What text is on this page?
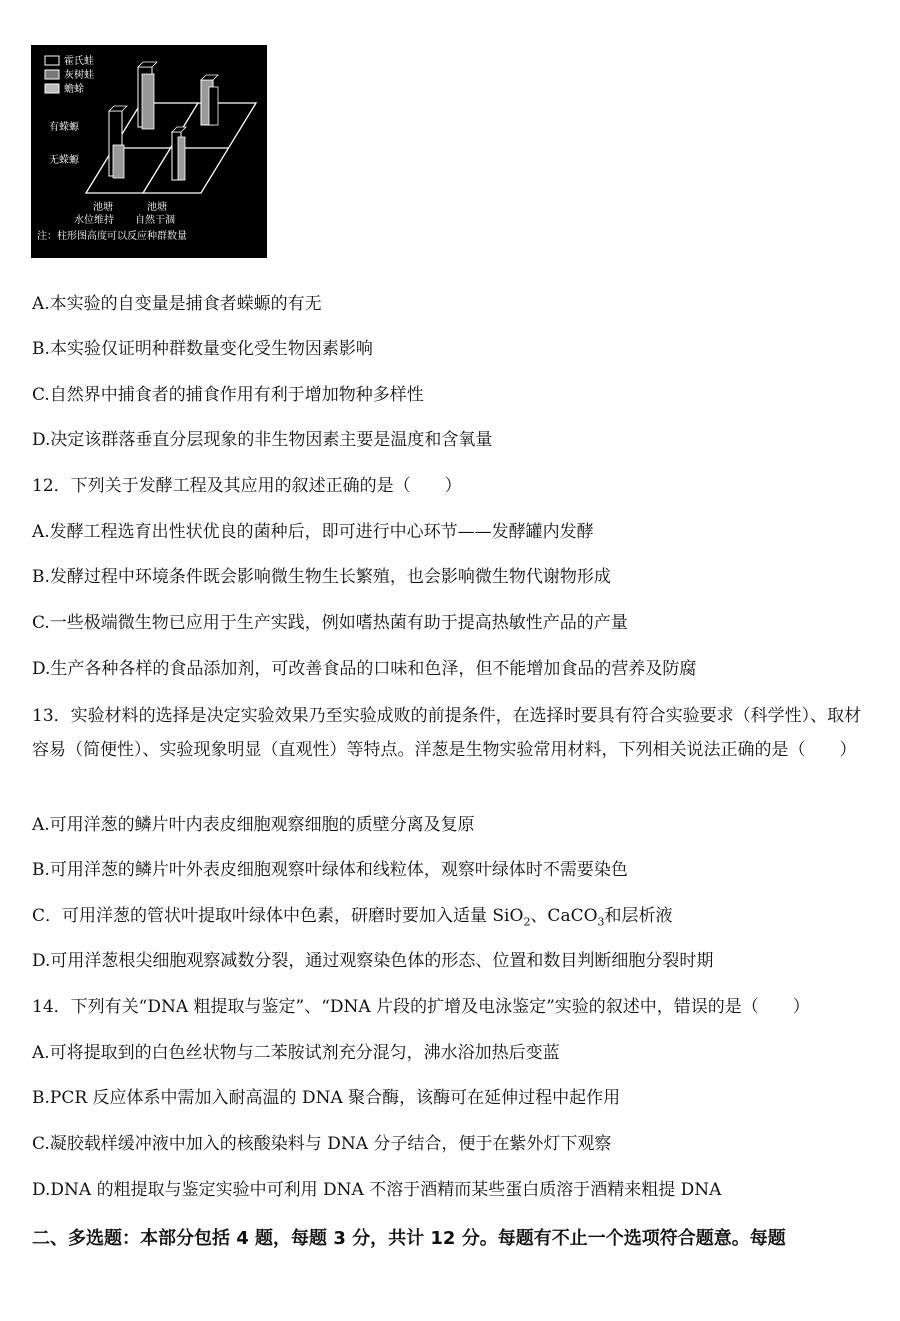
霍氏蛙
灰树蛙
蟾蜍
有蝾螈
无蝾螈
池塘
水位维持
池塘
自然干涸
注：柱形图高度可以反应种群数量
A.本实验的自变量是捕食者蝾螈的有无
B.本实验仅证明种群数量变化受生物因素影响
C.自然界中捕食者的捕食作用有利于增加物种多样性
D.决定该群落垂直分层现象的非生物因素主要是温度和含氧量
12．下列关于发酵工程及其应用的叙述正确的是（　　）
A.发酵工程选育出性状优良的菌种后，即可进行中心环节——发酵罐内发酵
B.发酵过程中环境条件既会影响微生物生长繁殖，也会影响微生物代谢物形成
C.一些极端微生物已应用于生产实践，例如嗜热菌有助于提高热敏性产品的产量
D.生产各种各样的食品添加剂，可改善食品的口味和色泽，但不能增加食品的营养及防腐
13．实验材料的选择是决定实验效果乃至实验成败的前提条件，在选择时要具有符合实验要求（科学性）、取材容易（简便性）、实验现象明显（直观性）等特点。洋葱是生物实验常用材料，下列相关说法正确的是（　　）
A.可用洋葱的鳞片叶内表皮细胞观察细胞的质壁分离及复原
B.可用洋葱的鳞片叶外表皮细胞观察叶绿体和线粒体，观察叶绿体时不需要染色
C．可用洋葱的管状叶提取叶绿体中色素，研磨时要加入适量 SiO$_2$、CaCO$_3$和层析液
D.可用洋葱根尖细胞观察减数分裂，通过观察染色体的形态、位置和数目判断细胞分裂时期
14．下列有关“DNA 粗提取与鉴定”、“DNA 片段的扩增及电泳鉴定”实验的叙述中，错误的是（　　）
A.可将提取到的白色丝状物与二苯胺试剂充分混匀，沸水浴加热后变蓝
B.PCR 反应体系中需加入耐高温的 DNA 聚合酶，该酶可在延伸过程中起作用
C.凝胶载样缓冲液中加入的核酸染料与 DNA 分子结合，便于在紫外灯下观察
D.DNA 的粗提取与鉴定实验中可利用 DNA 不溶于酒精而某些蛋白质溶于酒精来粗提 DNA
二、多选题：本部分包括 4 题，每题 3 分，共计 12 分。每题有不止一个选项符合题意。每题
